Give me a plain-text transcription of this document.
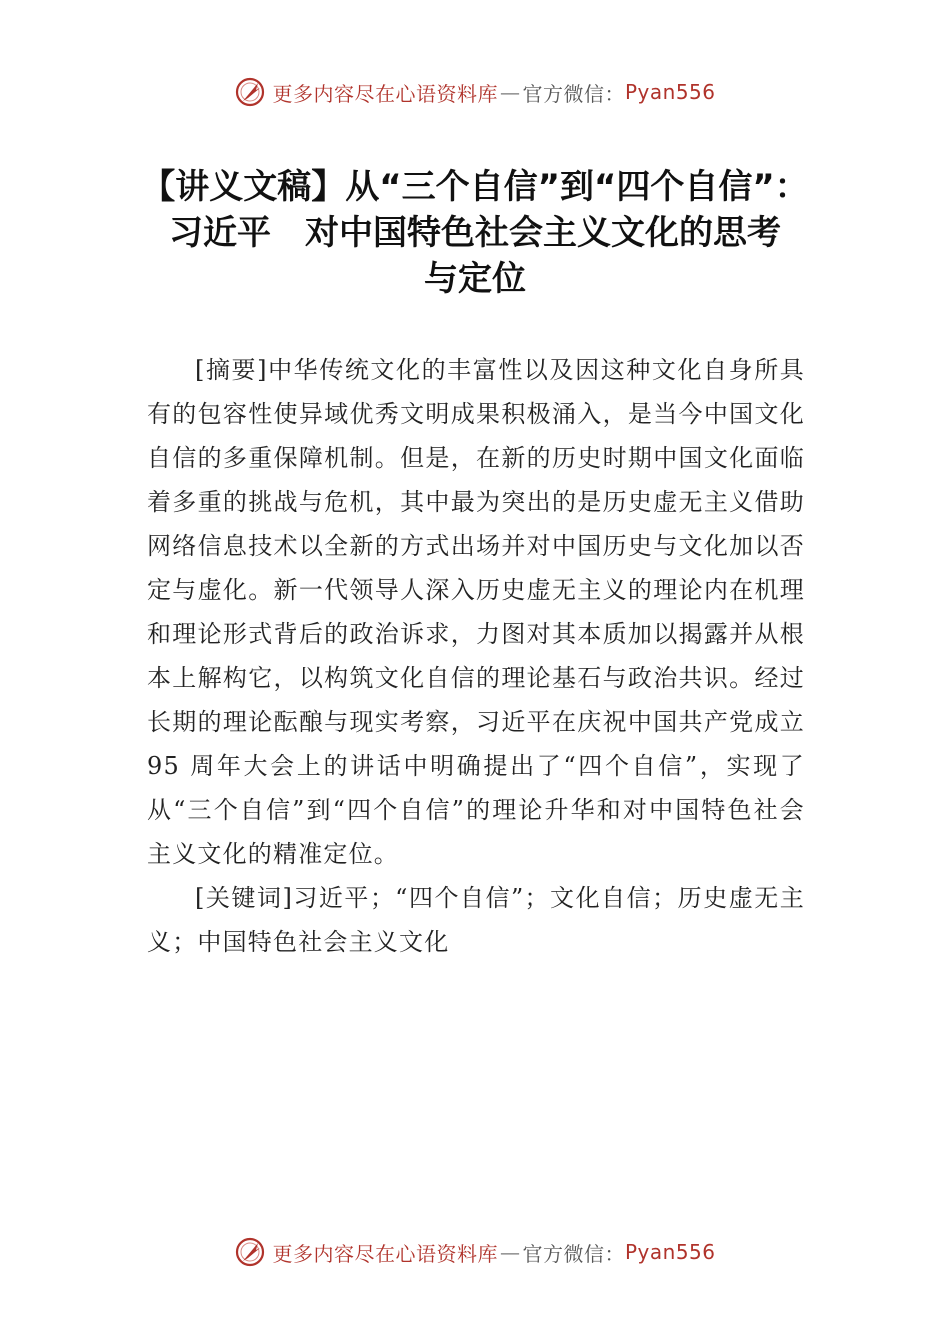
更多内容尽在心语资料库 — 官方微信： Pyan556
【讲义文稿】从“三个自信”到“四个自信”：
习近平　对中国特色社会主义文化的思考
与定位

[摘要]中华传统文化的丰富性以及因这种文化自身所具有的包容性使异域优秀文明成果积极涌入，是当今中国文化自信的多重保障机制。但是，在新的历史时期中国文化面临着多重的挑战与危机，其中最为突出的是历史虚无主义借助网络信息技术以全新的方式出场并对中国历史与文化加以否定与虚化。新一代领导人深入历史虚无主义的理论内在机理和理论形式背后的政治诉求，力图对其本质加以揭露并从根本上解构它，以构筑文化自信的理论基石与政治共识。经过长期的理论酝酿与现实考察，习近平在庆祝中国共产党成立 95 周年大会上的讲话中明确提出了“四个自信”，实现了从“三个自信”到“四个自信”的理论升华和对中国特色社会主义文化的精准定位。

[关键词]习近平；“四个自信”；文化自信；历史虚无主义；中国特色社会主义文化

更多内容尽在心语资料库 — 官方微信： Pyan556
